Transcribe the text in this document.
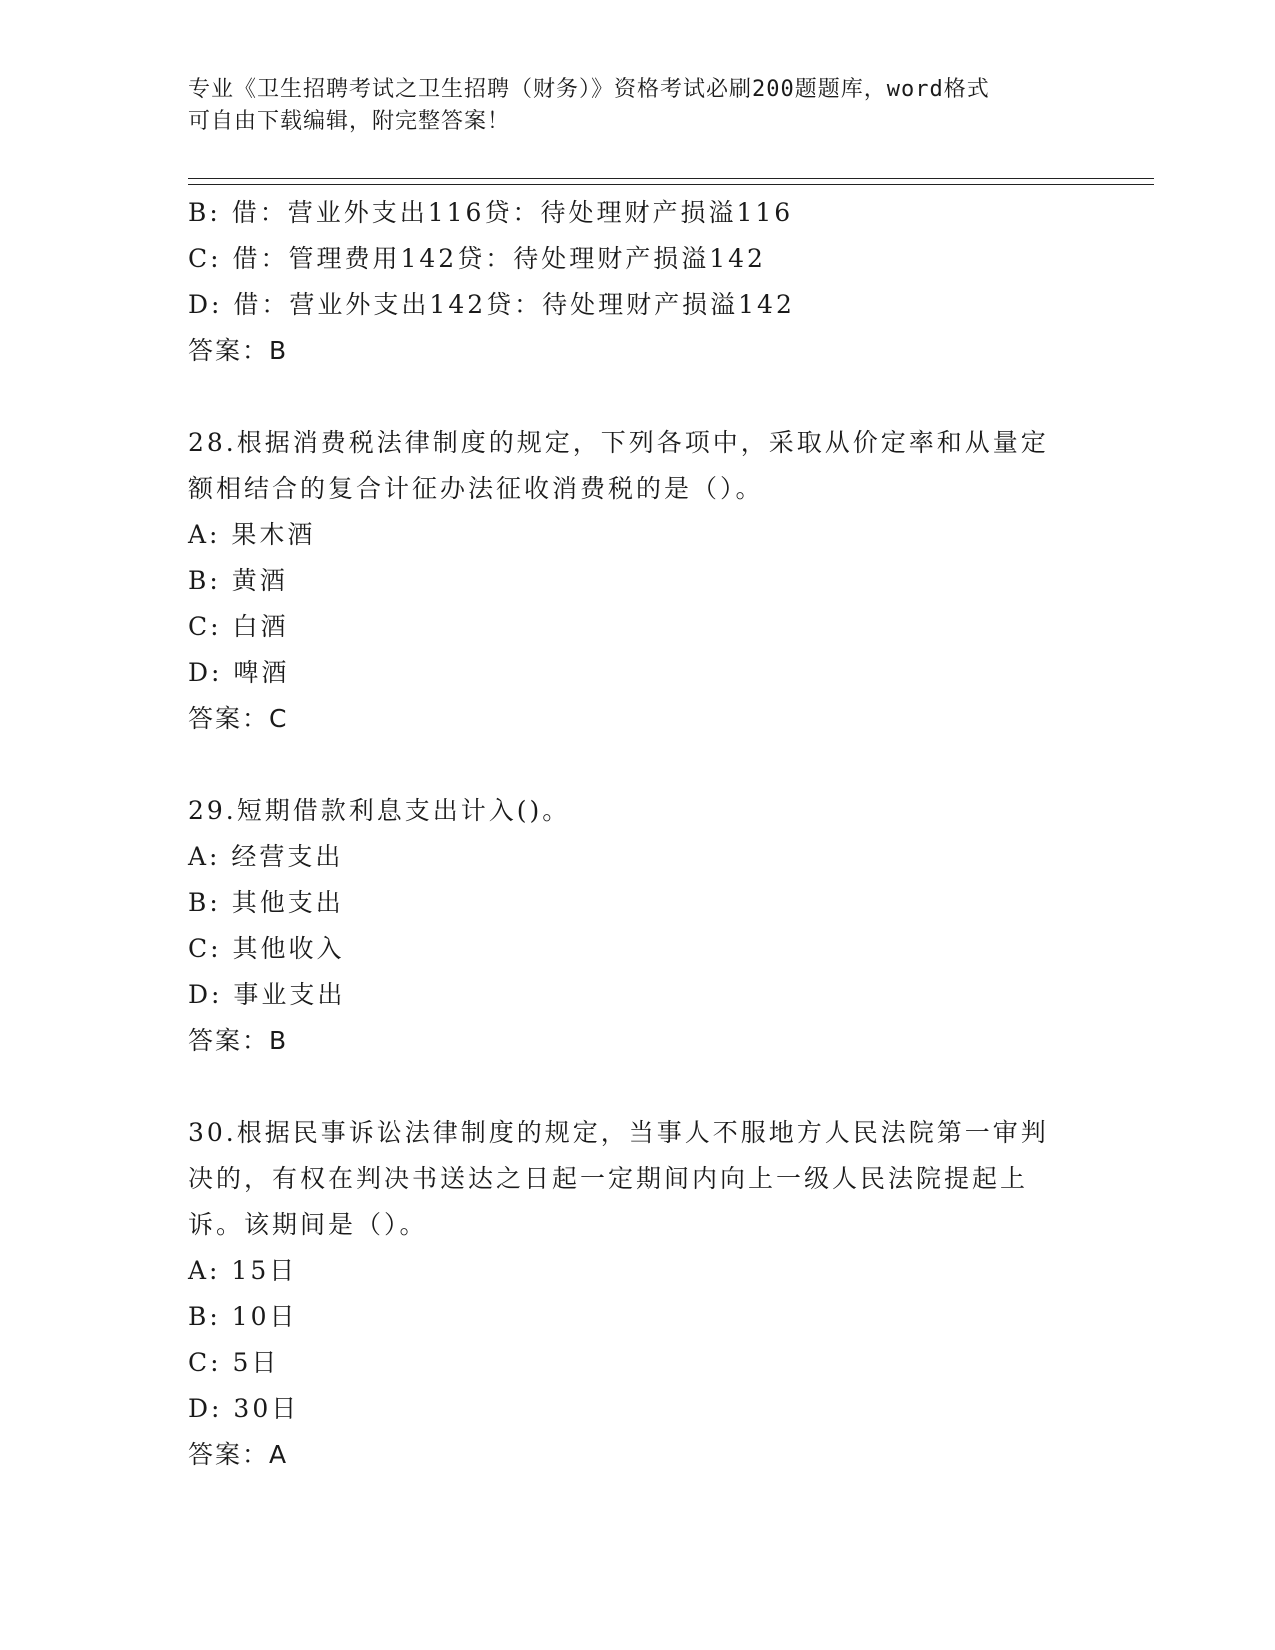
专业《卫生招聘考试之卫生招聘（财务）》资格考试必刷200题题库，word格式
可自由下载编辑，附完整答案！
B: 借：营业外支出116贷：待处理财产损溢116
C: 借：管理费用142贷：待处理财产损溢142
D: 借：营业外支出142贷：待处理财产损溢142
答案：B
28.根据消费税法律制度的规定，下列各项中，采取从价定率和从量定
额相结合的复合计征办法征收消费税的是（）。
A: 果木酒
B: 黄酒
C: 白酒
D: 啤酒
答案：C
29.短期借款利息支出计入()。
A: 经营支出
B: 其他支出
C: 其他收入
D: 事业支出
答案：B
30.根据民事诉讼法律制度的规定，当事人不服地方人民法院第一审判
决的，有权在判决书送达之日起一定期间内向上一级人民法院提起上
诉。该期间是（）。
A: 15日
B: 10日
C: 5日
D: 30日
答案：A
